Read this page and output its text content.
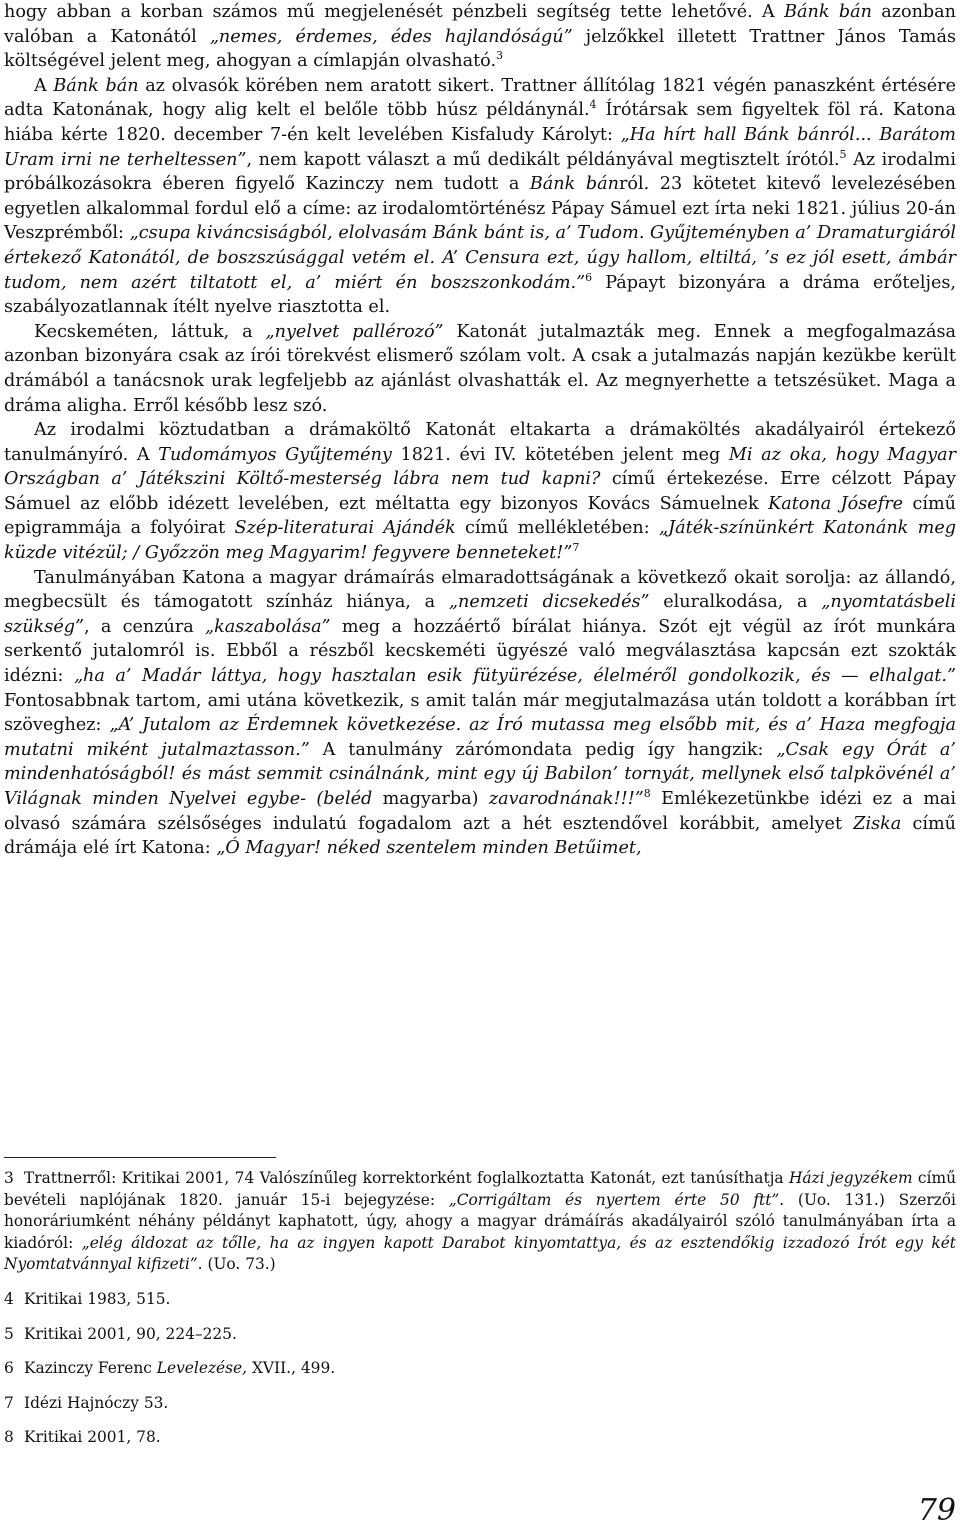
hogy abban a korban számos mű megjelenését pénzbeli segítség tette lehetővé. A Bánk bán azonban valóban a Katonától „nemes, érdemes, édes hajlandóságú” jelzőkkel illetett Trattner János Tamás költségével jelent meg, ahogyan a címlapján olvasható.$^3$

A Bánk bán az olvasók körében nem aratott sikert. Trattner állítólag 1821 végén panaszként értésére adta Katonának, hogy alig kelt el belőle több húsz példánynál.$^4$ Írótársak sem figyeltek föl rá. Katona hiába kérte 1820. december 7-én kelt levelében Kisfaludy Károlyt: „Ha hírt hall Bánk bánról... Barátom Uram irni ne terheltessen”, nem kapott választ a mű dedikált példányával megtisztelt írótól.$^5$ Az irodalmi próbálkozásokra éberen figyelő Kazinczy nem tudott a Bánk bánról. 23 kötetet kitevő levelezésében egyetlen alkalommal fordul elő a címe: az irodalomtörténész Pápay Sámuel ezt írta neki 1821. július 20-án Veszprémből: „csupa kiváncsiságból, elolvasám Bánk bánt is, a’ Tudom. Gyűjteményben a’ Dramaturgiáról értekező Katonától, de boszszúsággal vetém el. A’ Censura ezt, úgy hallom, eltiltá, ’s ez jól esett, ámbár tudom, nem azért tiltatott el, a’ miért én boszszonkodám.”$^6$ Pápayt bizonyára a dráma erőteljes, szabályozatlannak ítélt nyelve riasztotta el.

Kecskeméten, láttuk, a „nyelvet pallérozó” Katonát jutalmazták meg. Ennek a megfogalmazása azonban bizonyára csak az írói törekvést elismerő szólam volt. A csak a jutalmazás napján kezükbe került drámából a tanácsnok urak legfeljebb az ajánlást olvashatták el. Az megnyerhette a tetszésüket. Maga a dráma aligha. Erről később lesz szó.

Az irodalmi köztudatban a drámaköltő Katonát eltakarta a drámaköltés akadályairól értekező tanulmányíró. A Tudomámyos Gyűjtemény 1821. évi IV. kötetében jelent meg Mi az oka, hogy Magyar Országban a’ Játékszini Költő-mesterség lábra nem tud kapni? című értekezése. Erre célzott Pápay Sámuel az előbb idézett levelében, ezt méltatta egy bizonyos Kovács Sámuelnek Katona Jósefre című epigrammája a folyóirat Szép-literaturai Ajándék című mellékletében: „Játék-színünkért Katonánk meg küzde vitézül; / Győzzön meg Magyarim! fegyvere benneteket!”$^7$

Tanulmányában Katona a magyar drámaírás elmaradottságának a következő okait sorolja: az állandó, megbecsült és támogatott színház hiánya, a „nemzeti dicsekedés” eluralkodása, a „nyomtatásbeli szükség”, a cenzúra „kaszabolása” meg a hozzáértő bírálat hiánya. Szót ejt végül az írót munkára serkentő jutalomról is. Ebből a részből kecskeméti ügyészé való megválasztása kapcsán ezt szokták idézni: „ha a’ Madár láttya, hogy hasztalan esik fütyürézése, élelméről gondolkozik, és — elhalgat.” Fontosabbnak tartom, ami utána következik, s amit talán már megjutalmazása után toldott a korábban írt szöveghez: „A’ Jutalom az Érdemnek következése. az Író mutassa meg elsőbb mit, és a’ Haza megfogja mutatni miként jutalmaztasson.” A tanulmány zárómondata pedig így hangzik: „Csak egy Órát a’ mindenhatóságból! és mást semmit csinálnánk, mint egy új Babilon’ tornyát, mellynek első talpkövénél a’ Világnak minden Nyelvei egybe- (beléd magyarba) zavarodnának!!!”$^8$ Emlékezetünkbe idézi ez a mai olvasó számára szélsőséges indulatú fogadalom azt a hét esztendővel korábbit, amelyet Ziska című drámája elé írt Katona: „Ó Magyar! néked szentelem minden Betűimet,

3 Trattnerről: Kritikai 2001, 74 Valószínűleg korrektorként foglalkoztatta Katonát, ezt tanúsíthatja Házi jegyzékem című bevételi naplójának 1820. január 15-i bejegyzése: „Corrigáltam és nyertem érte 50 ftt”. (Uo. 131.) Szerzői honoráriumként néhány példányt kaphatott, úgy, ahogy a magyar drámáírás akadályairól szóló tanulmányában írta a kiadóról: „elég áldozat az tőlle, ha az ingyen kapott Darabot kinyomtattya, és az esztendőkig izzadozó Írót egy két Nyomtatvánnyal kifizeti”. (Uo. 73.)

4 Kritikai 1983, 515.

5 Kritikai 2001, 90, 224–225.

6 Kazinczy Ferenc Levelezése, XVII., 499.

7 Idézi Hajnóczy 53.

8 Kritikai 2001, 78.

79
